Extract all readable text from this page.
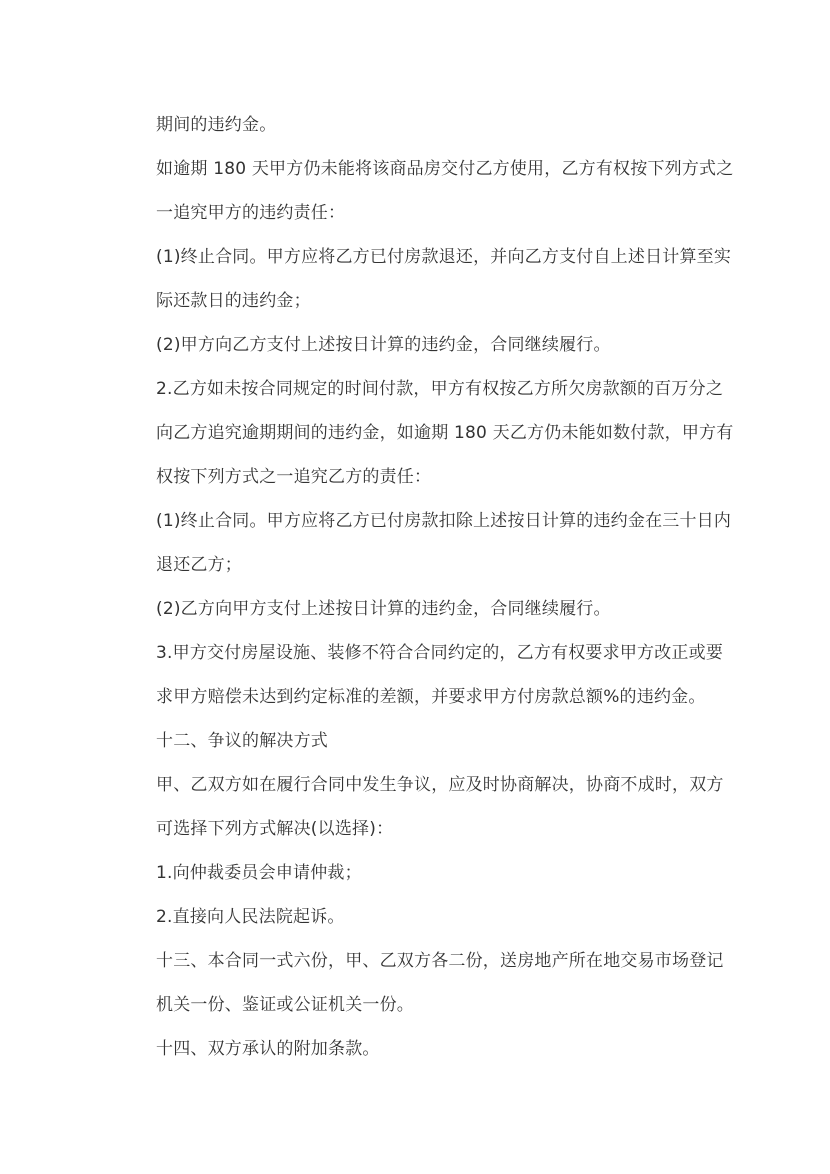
期间的违约金。
如逾期 180 天甲方仍未能将该商品房交付乙方使用，乙方有权按下列方式之
一追究甲方的违约责任：
(1)终止合同。甲方应将乙方已付房款退还，并向乙方支付自上述日计算至实
际还款日的违约金；
(2)甲方向乙方支付上述按日计算的违约金，合同继续履行。
2.乙方如未按合同规定的时间付款，甲方有权按乙方所欠房款额的百万分之
向乙方追究逾期期间的违约金，如逾期 180 天乙方仍未能如数付款，甲方有
权按下列方式之一追究乙方的责任：
(1)终止合同。甲方应将乙方已付房款扣除上述按日计算的违约金在三十日内
退还乙方；
(2)乙方向甲方支付上述按日计算的违约金，合同继续履行。
3.甲方交付房屋设施、装修不符合合同约定的，乙方有权要求甲方改正或要
求甲方赔偿未达到约定标准的差额，并要求甲方付房款总额%的违约金。
十二、争议的解决方式
甲、乙双方如在履行合同中发生争议，应及时协商解决，协商不成时，双方
可选择下列方式解决(以选择)：
1.向仲裁委员会申请仲裁；
2.直接向人民法院起诉。
十三、本合同一式六份，甲、乙双方各二份，送房地产所在地交易市场登记
机关一份、鉴证或公证机关一份。
十四、双方承认的附加条款。
